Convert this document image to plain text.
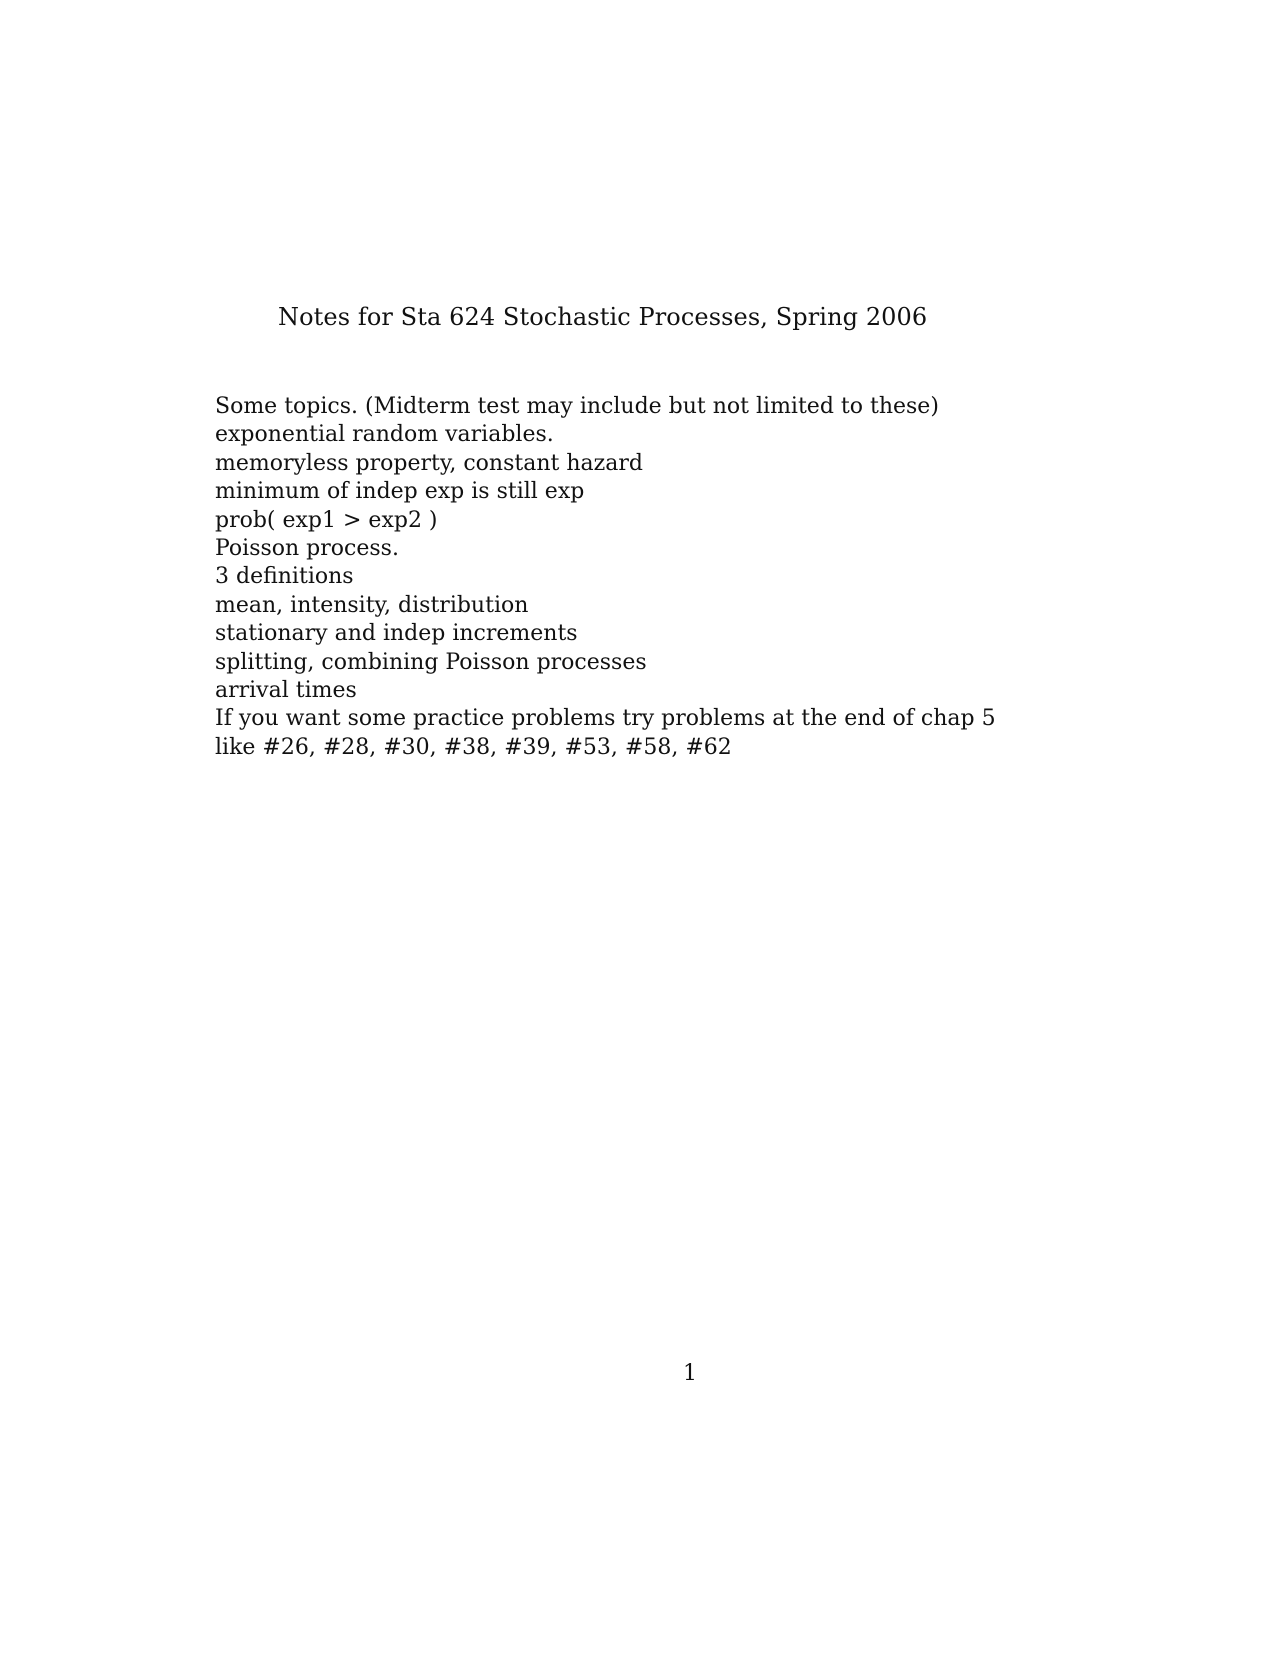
Notes for Sta 624 Stochastic Processes, Spring 2006
Some topics. (Midterm test may include but not limited to these)
exponential random variables.
memoryless property, constant hazard
minimum of indep exp is still exp
prob( exp1 > exp2 )
Poisson process.
3 definitions
mean, intensity, distribution
stationary and indep increments
splitting, combining Poisson processes
arrival times
If you want some practice problems try problems at the end of chap 5
like #26, #28, #30, #38, #39, #53, #58, #62
1
